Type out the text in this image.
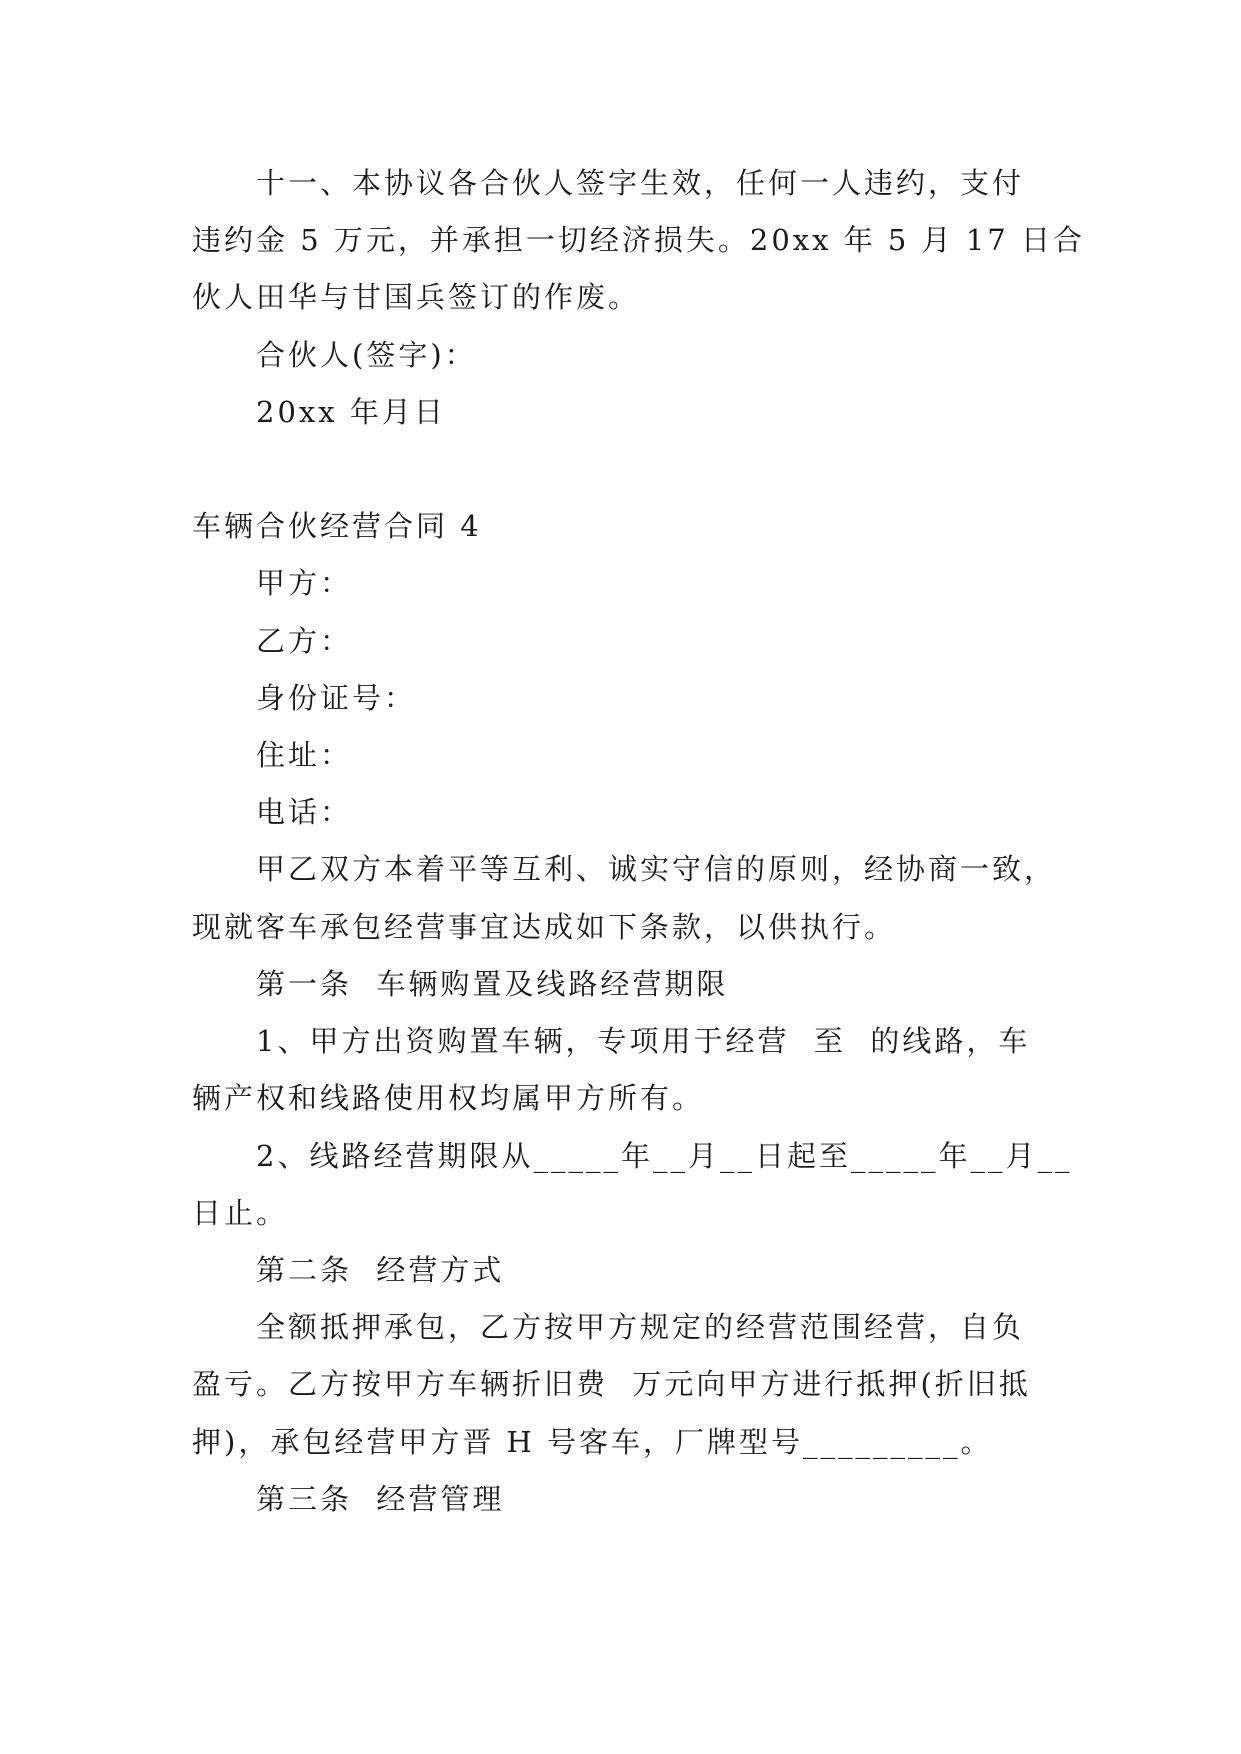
十一、本协议各合伙人签字生效，任何一人违约，支付
违约金 5 万元，并承担一切经济损失。20xx 年 5 月 17 日合
伙人田华与甘国兵签订的作废。
合伙人(签字)：
20xx 年月日
车辆合伙经营合同 4
甲方：
乙方：
身份证号：
住址：
电话：
甲乙双方本着平等互利、诚实守信的原则，经协商一致，
现就客车承包经营事宜达成如下条款，以供执行。
第一条  车辆购置及线路经营期限
1、甲方出资购置车辆，专项用于经营  至  的线路，车
辆产权和线路使用权均属甲方所有。
2、线路经营期限从_____年__月__日起至_____年__月__
日止。
第二条  经营方式
全额抵押承包，乙方按甲方规定的经营范围经营，自负
盈亏。乙方按甲方车辆折旧费  万元向甲方进行抵押(折旧抵
押)，承包经营甲方晋 H 号客车，厂牌型号_________。
第三条  经营管理
